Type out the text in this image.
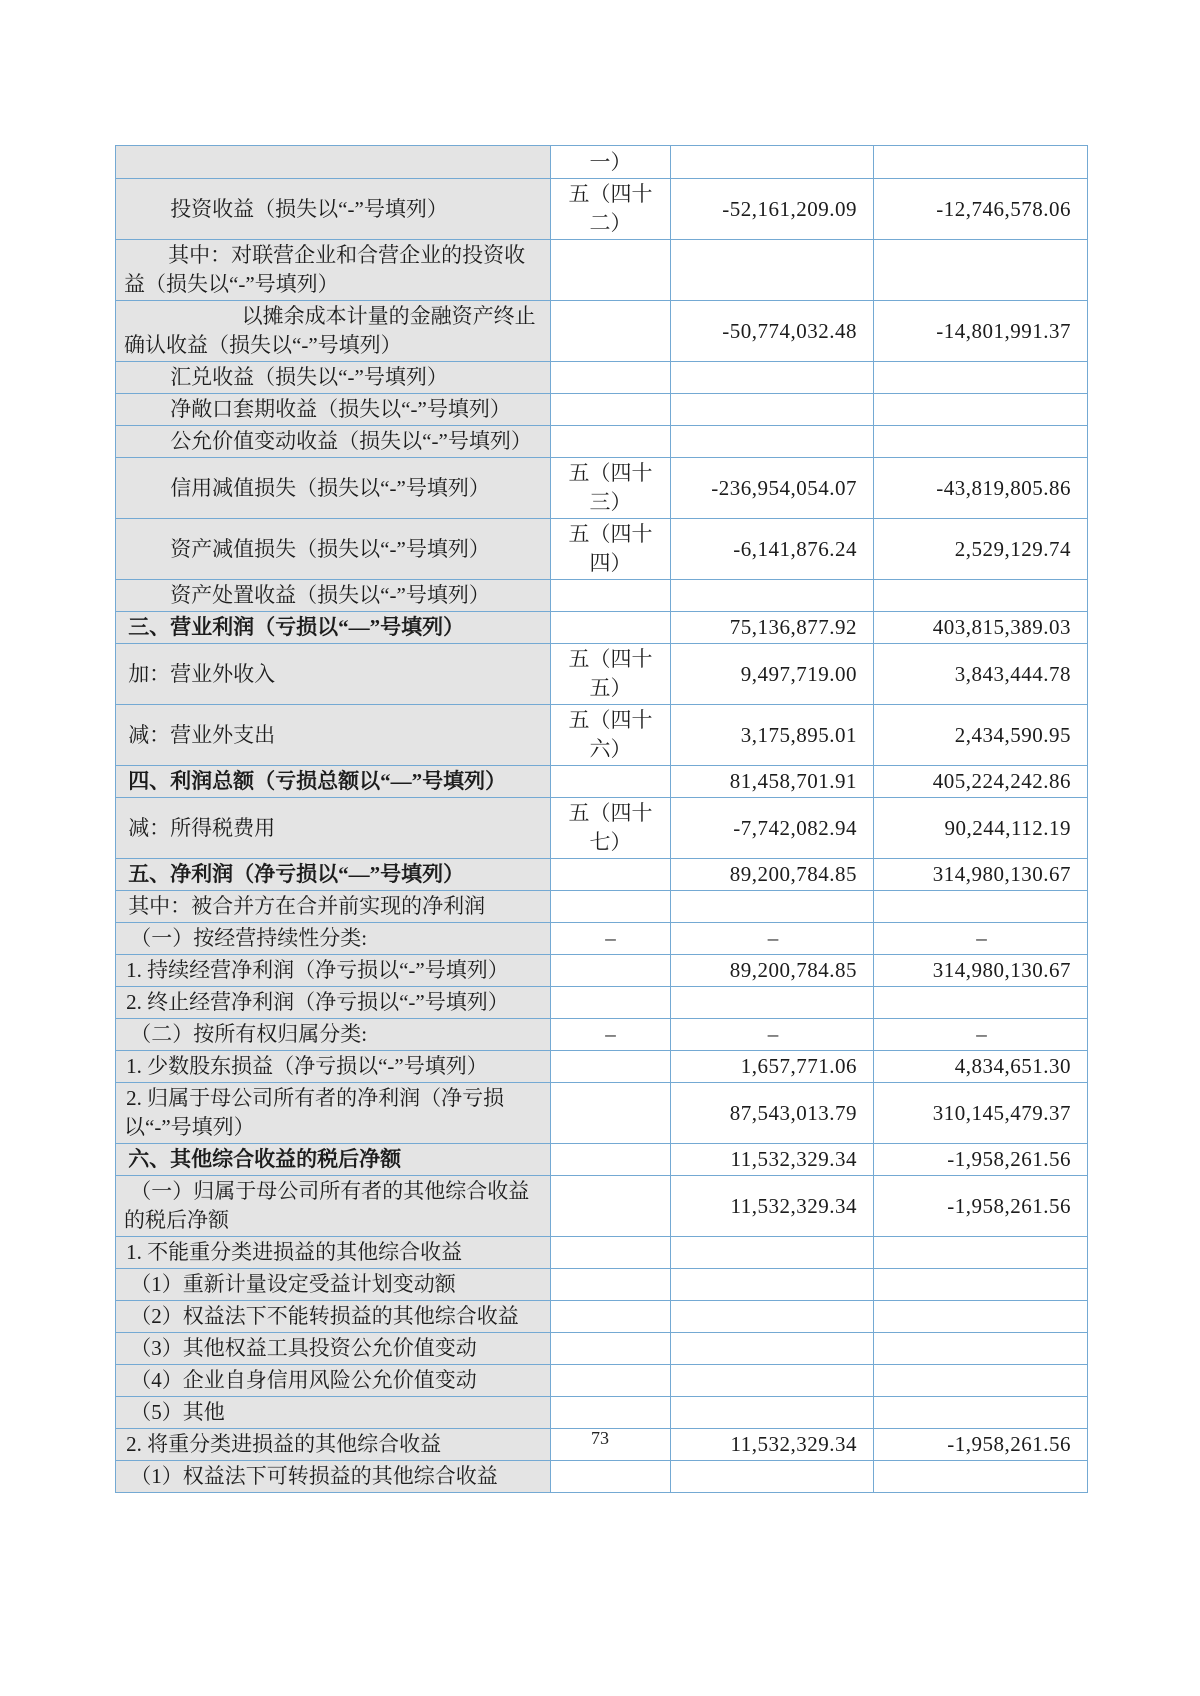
	一）		
投资收益（损失以“-”号填列）	五（四十二）	-52,161,209.09	-12,746,578.06
其中：对联营企业和合营企业的投资收益（损失以“-”号填列）			
以摊余成本计量的金融资产终止确认收益（损失以“-”号填列）		-50,774,032.48	-14,801,991.37
汇兑收益（损失以“-”号填列）			
净敞口套期收益（损失以“-”号填列）			
公允价值变动收益（损失以“-”号填列）			
信用减值损失（损失以“-”号填列）	五（四十三）	-236,954,054.07	-43,819,805.86
资产减值损失（损失以“-”号填列）	五（四十四）	-6,141,876.24	2,529,129.74
资产处置收益（损失以“-”号填列）			
三、营业利润（亏损以“—”号填列）		75,136,877.92	403,815,389.03
加：营业外收入	五（四十五）	9,497,719.00	3,843,444.78
减：营业外支出	五（四十六）	3,175,895.01	2,434,590.95
四、利润总额（亏损总额以“—”号填列）		81,458,701.91	405,224,242.86
减：所得税费用	五（四十七）	-7,742,082.94	90,244,112.19
五、净利润（净亏损以“—”号填列）		89,200,784.85	314,980,130.67
其中：被合并方在合并前实现的净利润			
（一）按经营持续性分类:	–	–	–
1. 持续经营净利润（净亏损以“-”号填列）		89,200,784.85	314,980,130.67
2. 终止经营净利润（净亏损以“-”号填列）			
（二）按所有权归属分类:	–	–	–
1. 少数股东损益（净亏损以“-”号填列）		1,657,771.06	4,834,651.30
2. 归属于母公司所有者的净利润（净亏损以“-”号填列）		87,543,013.79	310,145,479.37
六、其他综合收益的税后净额		11,532,329.34	-1,958,261.56
（一）归属于母公司所有者的其他综合收益的税后净额		11,532,329.34	-1,958,261.56
1. 不能重分类进损益的其他综合收益			
（1）重新计量设定受益计划变动额			
（2）权益法下不能转损益的其他综合收益			
（3）其他权益工具投资公允价值变动			
（4）企业自身信用风险公允价值变动			
（5）其他			
2. 将重分类进损益的其他综合收益		11,532,329.34	-1,958,261.56
（1）权益法下可转损益的其他综合收益			
73
